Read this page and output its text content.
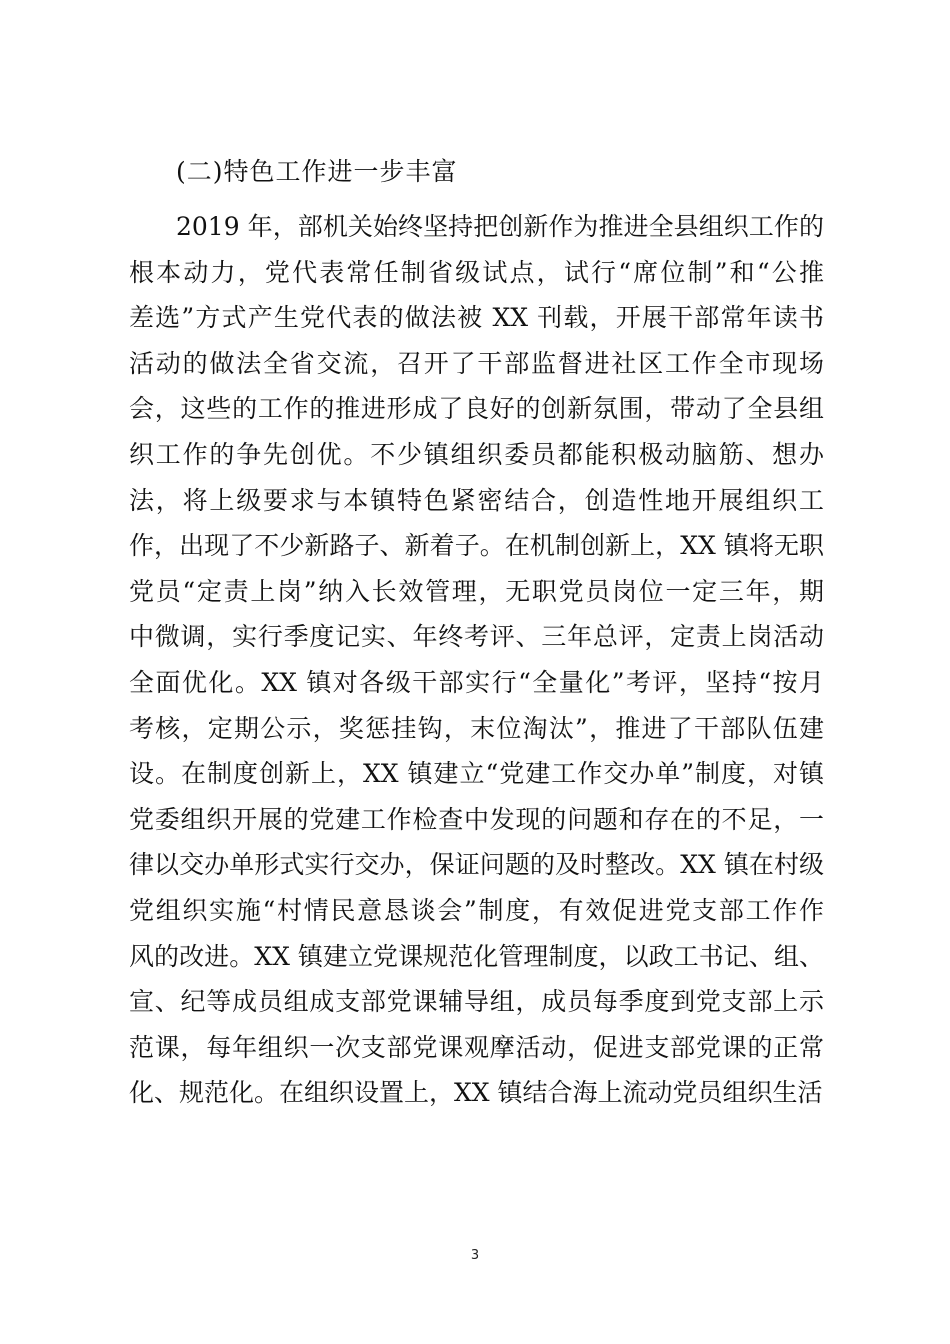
(二)特色工作进一步丰富
2019 年，部机关始终坚持把创新作为推进全县组织工作的
根本动力，党代表常任制省级试点，试行“席位制”和“公推
差选”方式产生党代表的做法被 XX 刊载，开展干部常年读书
活动的做法全省交流，召开了干部监督进社区工作全市现场
会，这些的工作的推进形成了良好的创新氛围，带动了全县组
织工作的争先创优。不少镇组织委员都能积极动脑筋、想办
法，将上级要求与本镇特色紧密结合，创造性地开展组织工
作，出现了不少新路子、新着子。在机制创新上，XX 镇将无职
党员“定责上岗”纳入长效管理，无职党员岗位一定三年，期
中微调，实行季度记实、年终考评、三年总评，定责上岗活动
全面优化。XX 镇对各级干部实行“全量化”考评，坚持“按月
考核，定期公示，奖惩挂钩，末位淘汰”，推进了干部队伍建
设。在制度创新上，XX 镇建立“党建工作交办单”制度，对镇
党委组织开展的党建工作检查中发现的问题和存在的不足，一
律以交办单形式实行交办，保证问题的及时整改。XX 镇在村级
党组织实施“村情民意恳谈会”制度，有效促进党支部工作作
风的改进。XX 镇建立党课规范化管理制度，以政工书记、组、
宣、纪等成员组成支部党课辅导组，成员每季度到党支部上示
范课，每年组织一次支部党课观摩活动，促进支部党课的正常
化、规范化。在组织设置上，XX 镇结合海上流动党员组织生活
3
